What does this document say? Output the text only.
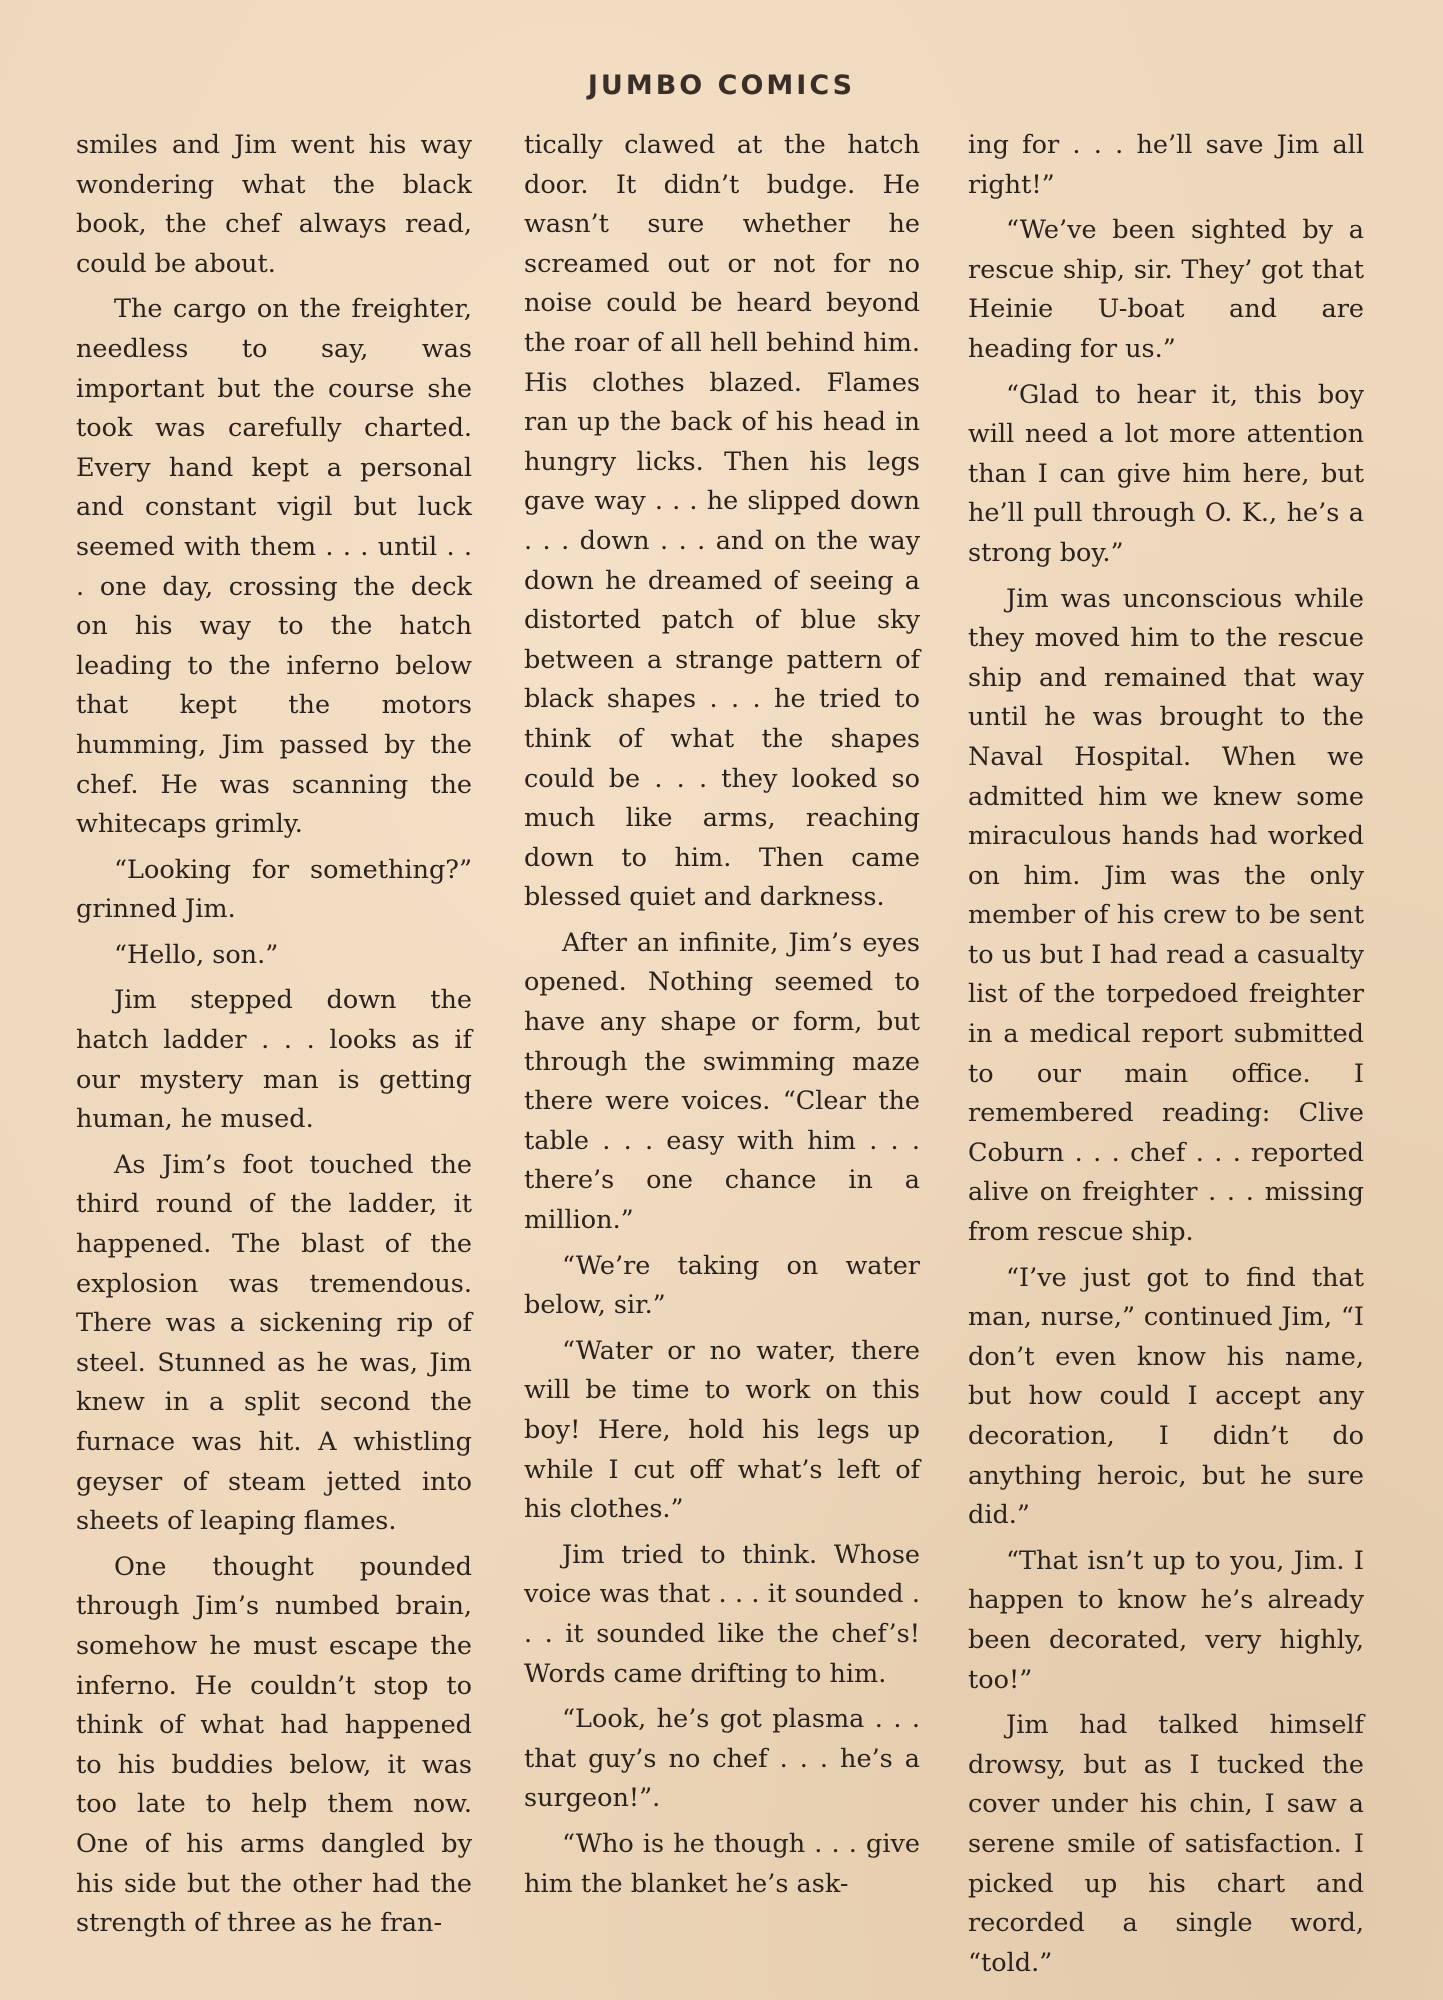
JUMBO COMICS

smiles and Jim went his way wondering what the black book, the chef always read, could be about.

The cargo on the freighter, needless to say, was important but the course she took was carefully charted. Every hand kept a personal and constant vigil but luck seemed with them . . . until . . . one day, crossing the deck on his way to the hatch leading to the inferno below that kept the motors humming, Jim passed by the chef. He was scanning the whitecaps grimly.

“Looking for something?” grinned Jim.

“Hello, son.”

Jim stepped down the hatch ladder . . . looks as if our mystery man is getting human, he mused.

As Jim’s foot touched the third round of the ladder, it happened. The blast of the explosion was tremendous. There was a sickening rip of steel. Stunned as he was, Jim knew in a split second the furnace was hit. A whistling geyser of steam jetted into sheets of leaping flames.

One thought pounded through Jim’s numbed brain, somehow he must escape the inferno. He couldn’t stop to think of what had happened to his buddies below, it was too late to help them now. One of his arms dangled by his side but the other had the strength of three as he fran-

tically clawed at the hatch door. It didn’t budge. He wasn’t sure whether he screamed out or not for no noise could be heard beyond the roar of all hell behind him. His clothes blazed. Flames ran up the back of his head in hungry licks. Then his legs gave way . . . he slipped down . . . down . . . and on the way down he dreamed of seeing a distorted patch of blue sky between a strange pattern of black shapes . . . he tried to think of what the shapes could be . . . they looked so much like arms, reaching down to him. Then came blessed quiet and darkness.

After an infinite, Jim’s eyes opened. Nothing seemed to have any shape or form, but through the swimming maze there were voices. “Clear the table . . . easy with him . . . there’s one chance in a million.”

“We’re taking on water below, sir.”

“Water or no water, there will be time to work on this boy! Here, hold his legs up while I cut off what’s left of his clothes.”

Jim tried to think. Whose voice was that . . . it sounded . . . it sounded like the chef’s! Words came drifting to him.

“Look, he’s got plasma . . . that guy’s no chef . . . he’s a surgeon!”.

“Who is he though . . . give him the blanket he’s ask-

ing for . . . he’ll save Jim all right!”

“We’ve been sighted by a rescue ship, sir. They’ got that Heinie U-boat and are heading for us.”

“Glad to hear it, this boy will need a lot more attention than I can give him here, but he’ll pull through O. K., he’s a strong boy.”

Jim was unconscious while they moved him to the rescue ship and remained that way until he was brought to the Naval Hospital. When we admitted him we knew some miraculous hands had worked on him. Jim was the only member of his crew to be sent to us but I had read a casualty list of the torpedoed freighter in a medical report submitted to our main office. I remembered reading: Clive Coburn . . . chef . . . reported alive on freighter . . . missing from rescue ship.

“I’ve just got to find that man, nurse,” continued Jim, “I don’t even know his name, but how could I accept any decoration, I didn’t do anything heroic, but he sure did.”

“That isn’t up to you, Jim. I happen to know he’s already been decorated, very highly, too!”

Jim had talked himself drowsy, but as I tucked the cover under his chin, I saw a serene smile of satisfaction. I picked up his chart and recorded a single word, “told.”
